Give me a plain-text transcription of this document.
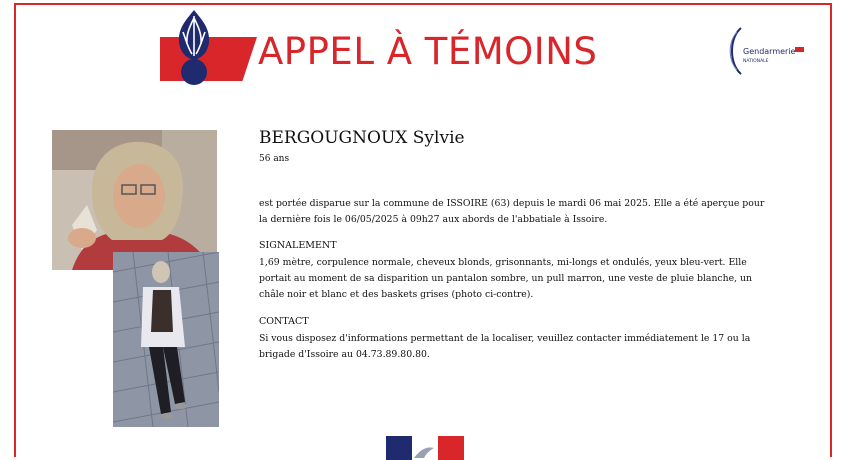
APPEL À TÉMOINS	Gendarmerie
NATIONALE
BERGOUGNOUX Sylvie
56 ans
est portée disparue sur la commune de ISSOIRE (63) depuis le mardi 06 mai 2025. Elle a été aperçue pour la dernière fois le 06/05/2025 à 09h27 aux abords de l'abbatiale à Issoire.
SIGNALEMENT
1,69 mètre, corpulence normale, cheveux blonds, grisonnants, mi-longs et ondulés, yeux bleu-vert. Elle portait au moment de sa disparition un pantalon sombre, un pull marron, une veste de pluie blanche, un châle noir et blanc et des baskets grises (photo ci-contre).
CONTACT
Si vous disposez d'informations permettant de la localiser, veuillez contacter immédiatement le 17 ou la brigade d'Issoire au 04.73.89.80.80.
